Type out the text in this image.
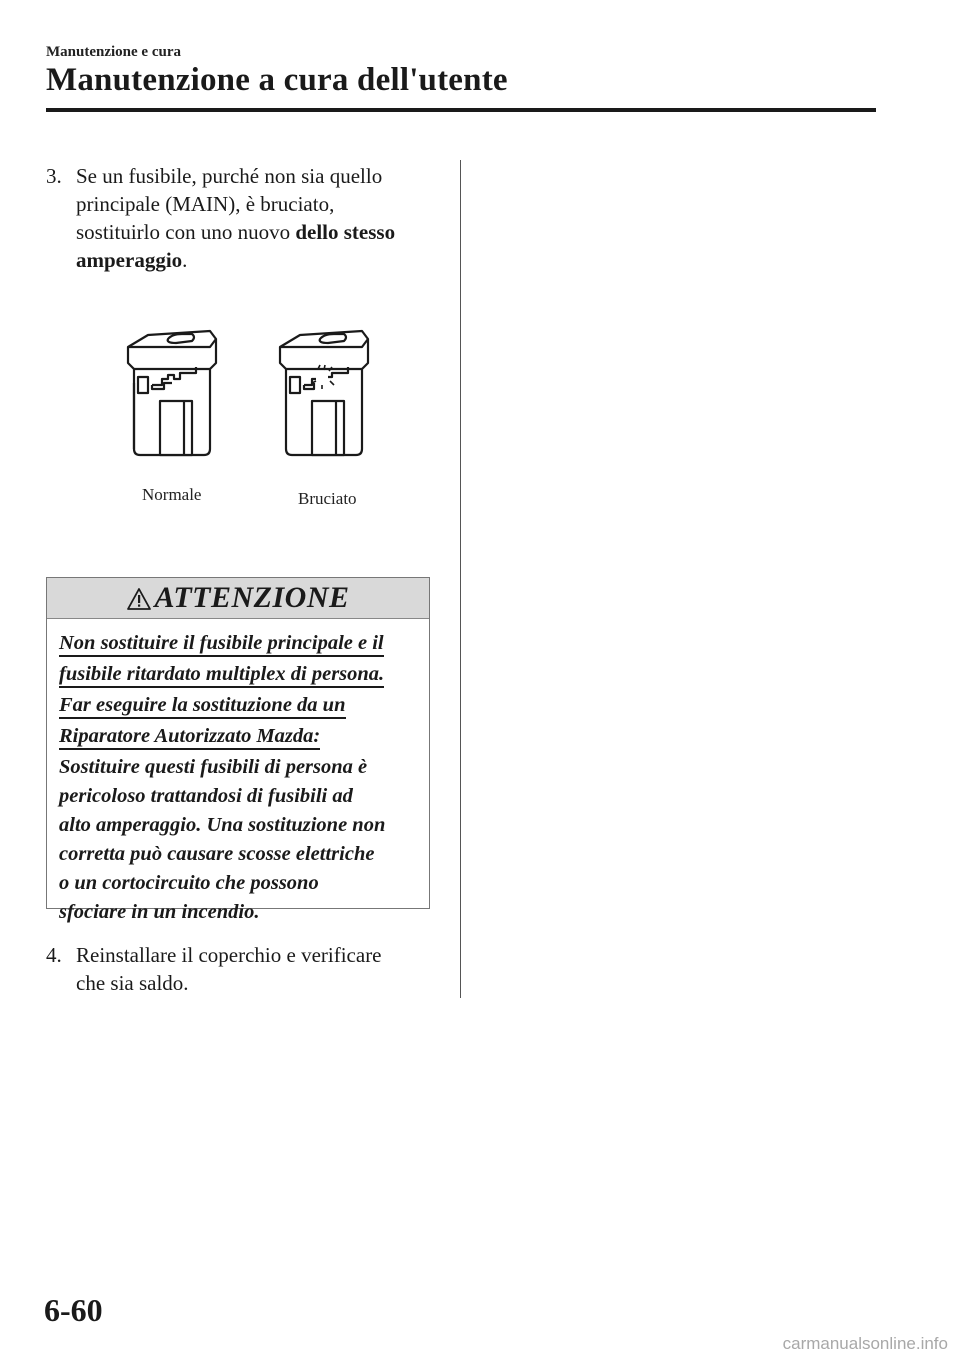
Manutenzione e cura
Manutenzione a cura dell'utente
3. Se un fusibile, purché non sia quello
principale (MAIN), è bruciato,
sostituirlo con uno nuovo dello stesso
amperaggio.
Normale	Bruciato
ATTENZIONE
Non sostituire il fusibile principale e il
fusibile ritardato multiplex di persona.
Far eseguire la sostituzione da un
Riparatore Autorizzato Mazda:
Sostituire questi fusibili di persona è
pericoloso trattandosi di fusibili ad
alto amperaggio. Una sostituzione non
corretta può causare scosse elettriche
o un cortocircuito che possono
sfociare in un incendio.
4. Reinstallare il coperchio e verificare
che sia saldo.
6-60
carmanualsonline.info
